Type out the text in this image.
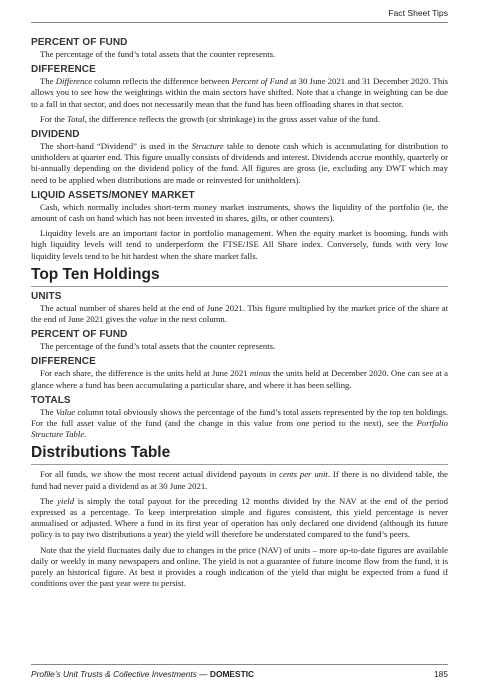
Fact Sheet Tips
PERCENT OF FUND

The percentage of the fund’s total assets that the counter represents.

DIFFERENCE

The Difference column reflects the difference between Percent of Fund at 30 June 2021 and 31 December 2020. This allows you to see how the weightings within the main sectors have shifted. Note that a change in weighting can be due to a fall in that sector, and does not necessarily mean that the fund has been offloading shares in that sector.

For the Total, the difference reflects the growth (or shrinkage) in the gross asset value of the fund.

DIVIDEND

The short-hand “Dividend” is used in the Structure table to denote cash which is accumulating for distribution to unitholders at quarter end. This figure usually consists of dividends and interest. Dividends accrue monthly, quarterly or bi-annually depending on the dividend policy of the fund. All figures are gross (ie, excluding any DWT which may need to be applied when distributions are made or reinvested for unitholders).

LIQUID ASSETS/MONEY MARKET

Cash, which normally includes short-term money market instruments, shows the liquidity of the portfolio (ie, the amount of cash on hand which has not been invested in shares, gilts, or other counters).

Liquidity levels are an important factor in portfolio management. When the equity market is booming, funds with high liquidity levels will tend to underperform the FTSE/JSE All Share index. Conversely, funds with very low liquidity levels tend to be hit hardest when the share market falls.

Top Ten Holdings
UNITS

The actual number of shares held at the end of June 2021. This figure multiplied by the market price of the share at the end of June 2021 gives the value in the next column.

PERCENT OF FUND

The percentage of the fund’s total assets that the counter represents.

DIFFERENCE

For each share, the difference is the units held at June 2021 minus the units held at December 2020. One can see at a glance where a fund has been accumulating a particular share, and where it has been selling.

TOTALS

The Value column total obviously shows the percentage of the fund’s total assets represented by the top ten holdings. For the full asset value of the fund (and the change in this value from one period to the next), see the Portfolio Structure Table.

Distributions Table

For all funds, we show the most recent actual dividend payouts in cents per unit. If there is no dividend table, the fund had never paid a dividend as at 30 June 2021.

The yield is simply the total payout for the preceding 12 months divided by the NAV at the end of the period expressed as a percentage. To keep interpretation simple and figures consistent, this yield percentage is never annualised or adjusted. Where a fund in its first year of operation has only declared one dividend (although its future policy is to pay two distributions a year) the yield will therefore be understated compared to the fund’s peers.

Note that the yield fluctuates daily due to changes in the price (NAV) of units – more up-to-date figures are available daily or weekly in many newspapers and online. The yield is not a guarantee of future income flow from the fund, it is purely an historical figure. At best it provides a rough indication of the yield that might be expected from a fund if conditions over the past year were to persist.

Profile’s Unit Trusts & Collective Investments — DOMESTIC	185
